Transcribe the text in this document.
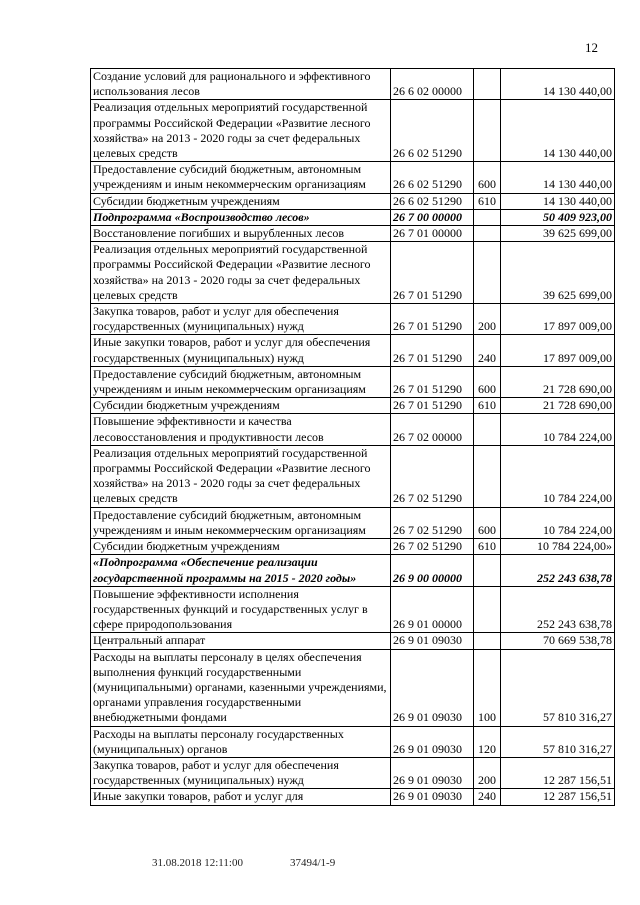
12
Создание условий для рационального и эффективного использования лесов	26 6 02 00000		14 130 440,00
Реализация отдельных мероприятий государственной программы Российской Федерации «Развитие лесного хозяйства» на 2013 - 2020 годы за счет федеральных целевых средств	26 6 02 51290		14 130 440,00
Предоставление субсидий бюджетным, автономным учреждениям и иным некоммерческим организациям	26 6 02 51290	600	14 130 440,00
Субсидии бюджетным учреждениям	26 6 02 51290	610	14 130 440,00
Подпрограмма «Воспроизводство лесов»	26 7 00 00000		50 409 923,00
Восстановление погибших и вырубленных лесов	26 7 01 00000		39 625 699,00
Реализация отдельных мероприятий государственной программы Российской Федерации «Развитие лесного хозяйства» на 2013 - 2020 годы за счет федеральных целевых средств	26 7 01 51290		39 625 699,00
Закупка товаров, работ и услуг для обеспечения государственных (муниципальных) нужд	26 7 01 51290	200	17 897 009,00
Иные закупки товаров, работ и услуг для обеспечения государственных (муниципальных) нужд	26 7 01 51290	240	17 897 009,00
Предоставление субсидий бюджетным, автономным учреждениям и иным некоммерческим организациям	26 7 01 51290	600	21 728 690,00
Субсидии бюджетным учреждениям	26 7 01 51290	610	21 728 690,00
Повышение эффективности и качества лесовосстановления и продуктивности лесов	26 7 02 00000		10 784 224,00
Реализация отдельных мероприятий государственной программы Российской Федерации «Развитие лесного хозяйства» на 2013 - 2020 годы за счет федеральных целевых средств	26 7 02 51290		10 784 224,00
Предоставление субсидий бюджетным, автономным учреждениям и иным некоммерческим организациям	26 7 02 51290	600	10 784 224,00
Субсидии бюджетным учреждениям	26 7 02 51290	610	10 784 224,00»
«Подпрограмма «Обеспечение реализации государственной программы на 2015 - 2020 годы»	26 9 00 00000		252 243 638,78
Повышение эффективности исполнения государственных функций и государственных услуг в сфере природопользования	26 9 01 00000		252 243 638,78
Центральный аппарат	26 9 01 09030		70 669 538,78
Расходы на выплаты персоналу в целях обеспечения выполнения функций государственными (муниципальными) органами, казенными учреждениями, органами управления государственными внебюджетными фондами	26 9 01 09030	100	57 810 316,27
Расходы на выплаты персоналу государственных (муниципальных) органов	26 9 01 09030	120	57 810 316,27
Закупка товаров, работ и услуг для обеспечения государственных (муниципальных) нужд	26 9 01 09030	200	12 287 156,51
Иные закупки товаров, работ и услуг для	26 9 01 09030	240	12 287 156,51
31.08.2018 12:11:00	37494/1-9
